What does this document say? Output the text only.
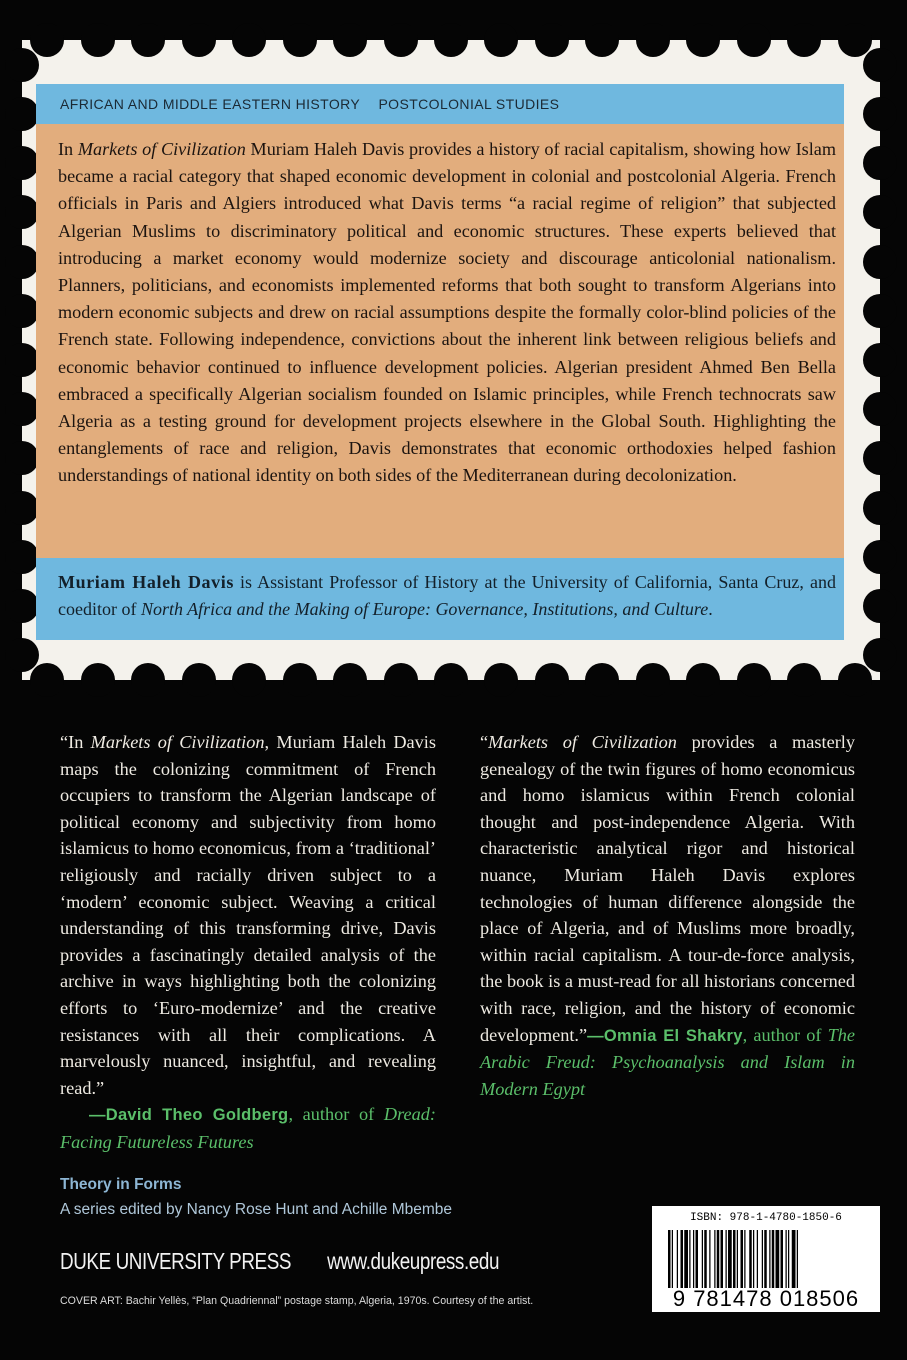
AFRICAN AND MIDDLE EASTERN HISTORY POSTCOLONIAL STUDIES

In Markets of Civilization Muriam Haleh Davis provides a history of racial capitalism, showing how Islam became a racial category that shaped economic development in colonial and postcolonial Algeria. French officials in Paris and Algiers introduced what Davis terms “a racial regime of religion” that subjected Algerian Muslims to discriminatory political and economic structures. These experts believed that introducing a market economy would modernize society and discourage anticolonial nationalism. Planners, politicians, and economists implemented reforms that both sought to transform Algerians into modern economic subjects and drew on racial assumptions despite the formally color-blind policies of the French state. Following independence, convictions about the inherent link between religious beliefs and economic behavior continued to influence development policies. Algerian president Ahmed Ben Bella embraced a specifically Algerian socialism founded on Islamic principles, while French technocrats saw Algeria as a testing ground for development projects elsewhere in the Global South. Highlighting the entanglements of race and religion, Davis demonstrates that economic orthodoxies helped fashion understandings of national identity on both sides of the Mediterranean during decolonization.

Muriam Haleh Davis is Assistant Professor of History at the University of California, Santa Cruz, and coeditor of North Africa and the Making of Europe: Governance, Institutions, and Culture.

“In Markets of Civilization, Muriam Haleh Davis maps the colonizing commitment of French occupiers to transform the Algerian landscape of political economy and subjectivity from homo islamicus to homo economicus, from a ‘traditional’ religiously and racially driven subject to a ‘modern’ economic subject. Weaving a critical understanding of this transforming drive, Davis provides a fascinatingly detailed analysis of the archive in ways highlighting both the colonizing efforts to ‘Euro-modernize’ and the creative resistances with all their complications. A marvelously nuanced, insightful, and revealing read.”
—David Theo Goldberg, author of Dread: Facing Futureless Futures
“Markets of Civilization provides a masterly genealogy of the twin figures of homo economicus and homo islamicus within French colonial thought and post-independence Algeria. With characteristic analytical rigor and historical nuance, Muriam Haleh Davis explores technologies of human difference alongside the place of Algeria, and of Muslims more broadly, within racial capitalism. A tour-de-force analysis, the book is a must-read for all historians concerned with race, religion, and the history of economic development.”—Omnia El Shakry, author of The Arabic Freud: Psychoanalysis and Islam in Modern Egypt
Theory in Forms
A series edited by Nancy Rose Hunt and Achille Mbembe
DUKE UNIVERSITY PRESS www.dukeupress.edu
COVER ART: Bachir Yellès, “Plan Quadriennal” postage stamp, Algeria, 1970s. Courtesy of the artist.
ISBN: 978-1-4780-1850-6
9 781478 018506
